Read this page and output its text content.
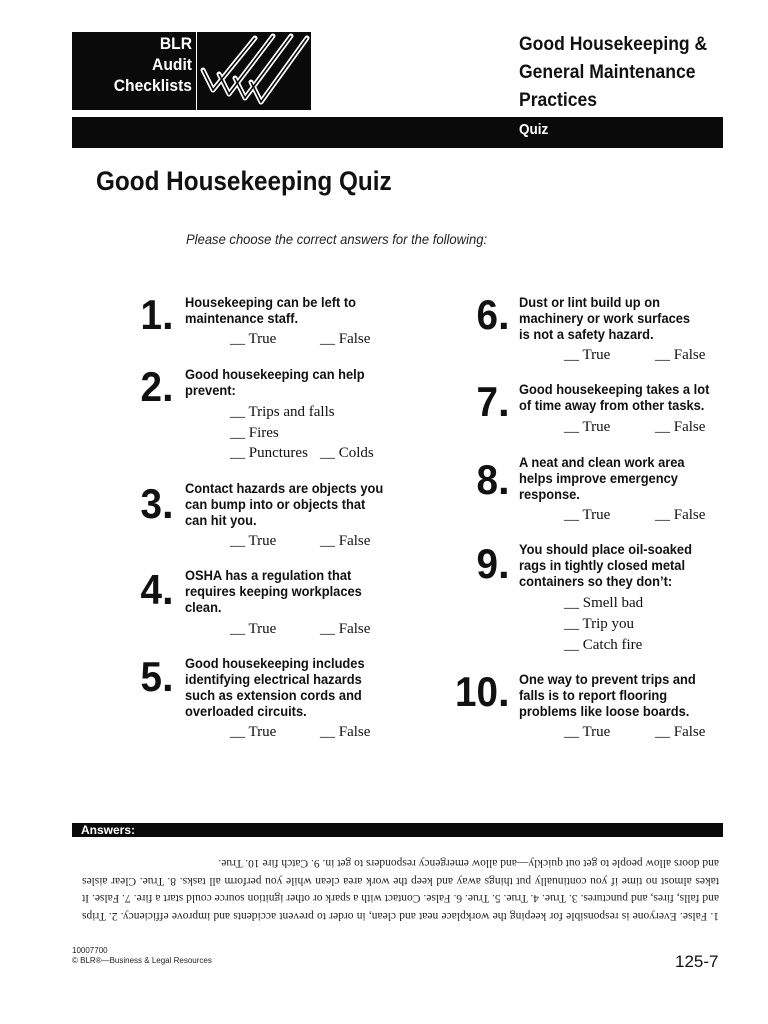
BLR
Audit
Checklists
Good Housekeeping &
General Maintenance
Practices
Quiz
Good Housekeeping Quiz
Please choose the correct answers for the following:
1 . Housekeeping can be left to
maintenance staff.
__ True	__ False
2 . Good housekeeping can help
prevent:
__ Trips and falls
__ Fires
__ Punctures __ Colds
3 . Contact hazards are objects you
can bump into or objects that
can hit you.
__ True	__ False
4 . OSHA has a regulation that
requires keeping workplaces
clean.
__ True	__ False
5 . Good housekeeping includes
identifying electrical hazards
such as extension cords and
overloaded circuits.
__ True	__ False
6 . Dust or lint build up on
machinery or work surfaces
is not a safety hazard.
__ True	__ False
7 . Good housekeeping takes a lot
of time away from other tasks.
__ True	__ False
8 . A neat and clean work area
helps improve emergency
response.
__ True	__ False
9 . You should place oil-soaked
rags in tightly closed metal
containers so they don’t:
__ Smell bad
__ Trip you
__ Catch fire
10 . One way to prevent trips and
falls is to report flooring
problems like loose boards.
__ True	__ False
Answers:
1. False. Everyone is responsible for keeping the workplace neat and clean, in order to prevent accidents and improve efficiency. 2. Trips and falls, fires, and punctures. 3. True. 4. True. 5. True. 6. False. Contact with a spark or other ignition source could start a fire. 7. False. It takes almost no time if you continually put things away and keep the work area clean while you perform all tasks. 8. True. Clear aisles and doors allow people to get out quickly—and allow emergency responders to get in. 9. Catch fire 10. True.
10007700
© BLR®—Business & Legal Resources	125-7
